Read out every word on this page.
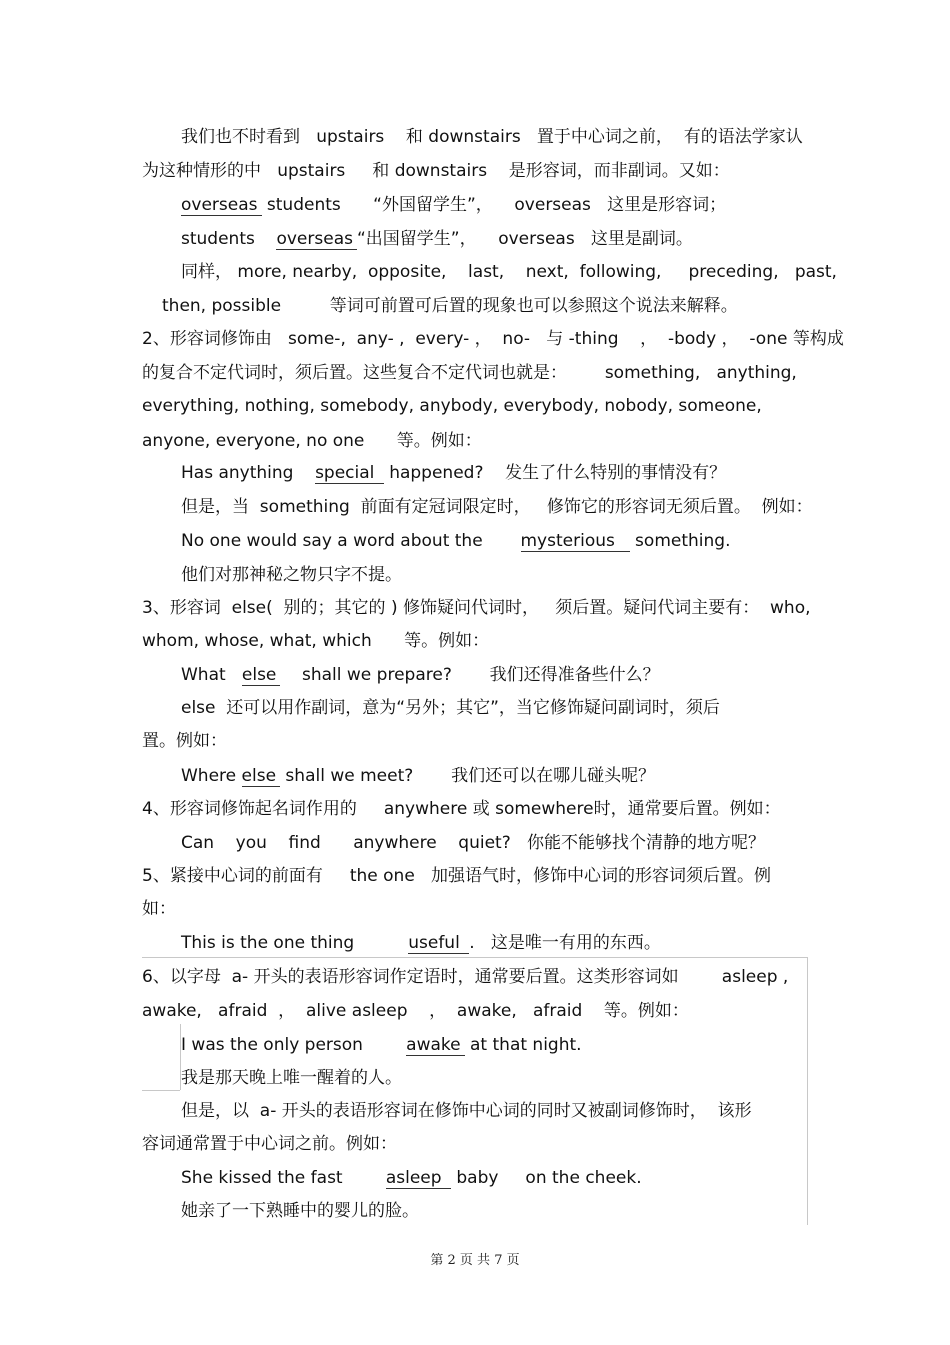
我们也不时看到   upstairs    和 downstairs   置于中心词之前，  有的语法学家认
为这种情形的中   upstairs     和 downstairs    是形容词，而非副词。又如：
overseas students      “外国留学生”，    overseas   这里是形容词；
students    overseas “出国留学生”，    overseas   这里是副词。
同样， more, nearby,  opposite,    last,    next,  following,     preceding,   past,
then, possible         等词可前置可后置的现象也可以参照这个说法来解释。
2、形容词修饰由   some-,  any- ,  every- ，  no-   与 -thing    ，  -body ，  -one 等构成
的复合不定代词时，须后置。这些复合不定代词也就是：       something,   anything,
everything, nothing, somebody, anybody, everybody, nobody, someone,
anyone, everyone, no one      等。例如：
Has anything    special  happened?    发生了什么特别的事情没有？
但是，当  something  前面有定冠词限定时，   修饰它的形容词无须后置。  例如：
No one would say a word about the       mysterious   something.
他们对那神秘之物只字不提。
3、形容词  else(  别的；其它的 ) 修饰疑问代词时，   须后置。疑问代词主要有：  who,
whom, whose, what, which      等。例如：
What   else    shall we prepare?       我们还得准备些什么？
else  还可以用作副词，意为“另外；其它”，当它修饰疑问副词时，须后
置。例如：
Where else shall we meet?       我们还可以在哪儿碰头呢？
4、形容词修饰起名词作用的     anywhere 或 somewhere时，通常要后置。例如：
Can    you    find      anywhere    quiet?   你能不能够找个清静的地方呢？
5、紧接中心词的前面有     the one   加强语气时，修饰中心词的形容词须后置。例
如：
This is the one thing          useful .   这是唯一有用的东西。
6、以字母  a- 开头的表语形容词作定语时，通常要后置。这类形容词如        asleep ,
awake,   afraid  ，  alive asleep    ，  awake,   afraid    等。例如：
I was the only person        awake at that night.
我是那天晚上唯一醒着的人。
但是，以  a- 开头的表语形容词在修饰中心词的同时又被副词修饰时，  该形
容词通常置于中心词之前。例如：
She kissed the fast        asleep  baby     on the cheek.
她亲了一下熟睡中的婴儿的脸。
第 2 页 共 7 页
